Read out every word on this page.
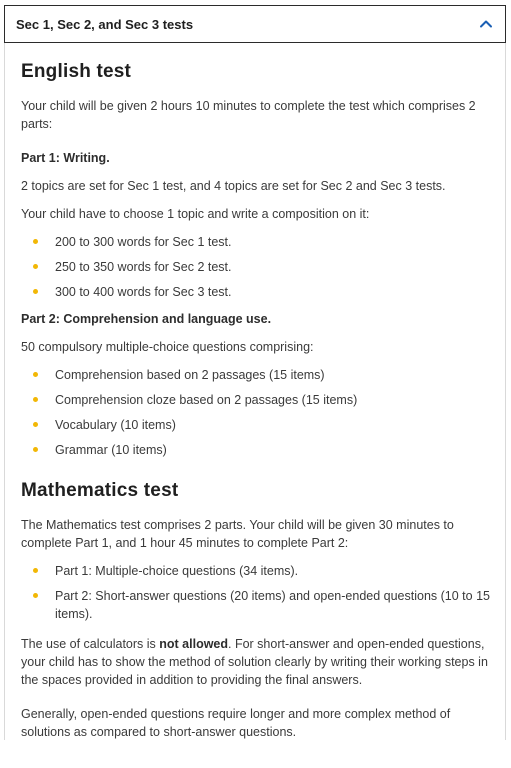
Sec 1, Sec 2, and Sec 3 tests
English test

Your child will be given 2 hours 10 minutes to complete the test which comprises 2 parts:

Part 1: Writing.

2 topics are set for Sec 1 test, and 4 topics are set for Sec 2 and Sec 3 tests.

Your child have to choose 1 topic and write a composition on it:

200 to 300 words for Sec 1 test.
250 to 350 words for Sec 2 test.
300 to 400 words for Sec 3 test.

Part 2: Comprehension and language use.

50 compulsory multiple-choice questions comprising:

Comprehension based on 2 passages (15 items)
Comprehension cloze based on 2 passages (15 items)
Vocabulary (10 items)
Grammar (10 items)
Mathematics test

The Mathematics test comprises 2 parts. Your child will be given 30 minutes to complete Part 1, and 1 hour 45 minutes to complete Part 2:

Part 1: Multiple-choice questions (34 items).
Part 2: Short-answer questions (20 items) and open-ended questions (10 to 15 items).

The use of calculators is not allowed. For short-answer and open-ended questions, your child has to show the method of solution clearly by writing their working steps in the spaces provided in addition to providing the final answers.

Generally, open-ended questions require longer and more complex method of solutions as compared to short-answer questions.
